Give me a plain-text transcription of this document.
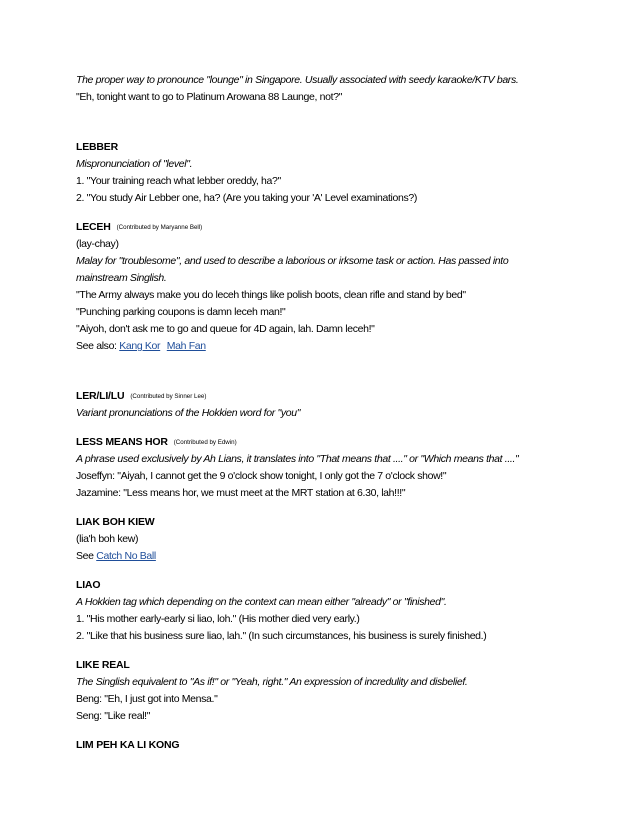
The proper way to pronounce "lounge" in Singapore. Usually associated with seedy karaoke/KTV bars.
"Eh, tonight want to go to Platinum Arowana 88 Launge, not?"
LEBBER
Mispronunciation of "level".
1. "Your training reach what lebber oreddy, ha?"
2. "You study Air Lebber one, ha? (Are you taking your 'A' Level examinations?)
LECEH (Contributed by Maryanne Bell)
(lay-chay)
Malay for "troublesome", and used to describe a laborious or irksome task or action. Has passed into
mainstream Singlish.
"The Army always make you do leceh things like polish boots, clean rifle and stand by bed"
"Punching parking coupons is damn leceh man!"
"Aiyoh, don't ask me to go and queue for 4D again, lah. Damn leceh!"
See also: Kang Kor Mah Fan
LER/LI/LU (Contributed by Sinner Lee)
Variant pronunciations of the Hokkien word for "you"
LESS MEANS HOR (Contributed by Edwin)
A phrase used exclusively by Ah Lians, it translates into "That means that ...." or "Which means that ...."
Joseffyn: "Aiyah, I cannot get the 9 o'clock show tonight, I only got the 7 o'clock show!"
Jazamine: "Less means hor, we must meet at the MRT station at 6.30, lah!!!"
LIAK BOH KIEW
(lia'h boh kew)
See Catch No Ball
LIAO
A Hokkien tag which depending on the context can mean either "already" or "finished".
1. "His mother early-early si liao, loh." (His mother died very early.)
2. "Like that his business sure liao, lah." (In such circumstances, his business is surely finished.)
LIKE REAL
The Singlish equivalent to "As if!" or "Yeah, right." An expression of incredulity and disbelief.
Beng: "Eh, I just got into Mensa."
Seng: "Like real!"
LIM PEH KA LI KONG
